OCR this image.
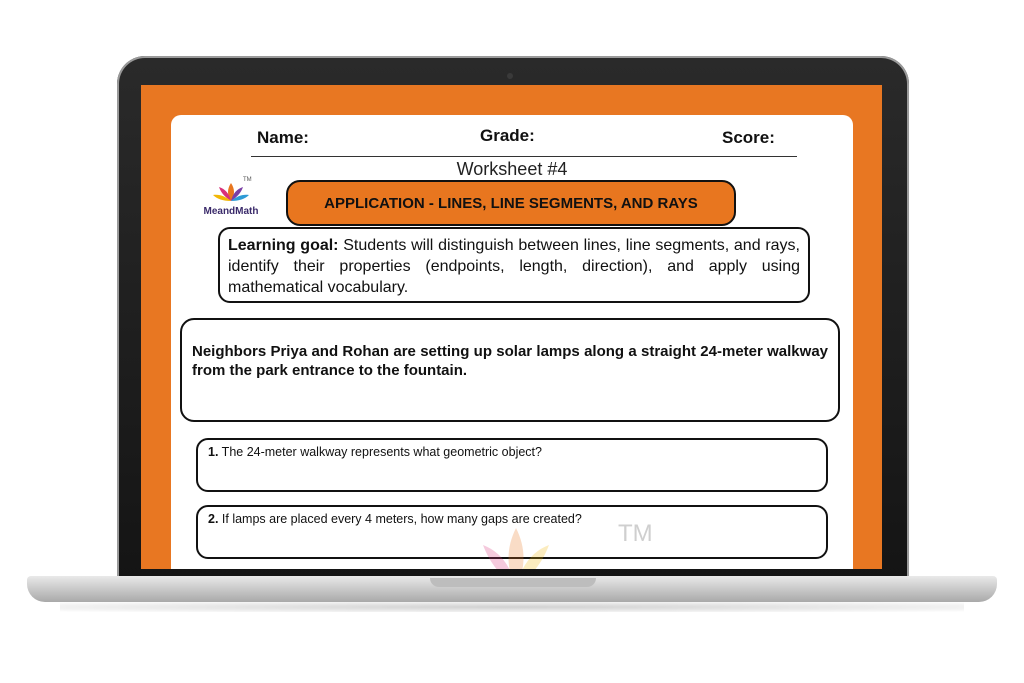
Name:	Grade:	Score:
Worksheet #4
TM
MeandMath	APPLICATION - LINES, LINE SEGMENTS, AND RAYS
Learning goal: Students will distinguish between lines, line segments, and rays, identify their properties (endpoints, length, direction), and apply using mathematical vocabulary.
Neighbors Priya and Rohan are setting up solar lamps along a straight 24-meter walkway from the park entrance to the fountain.
1. The 24-meter walkway represents what geometric object?
2. If lamps are placed every 4 meters, how many gaps are created?
TM
